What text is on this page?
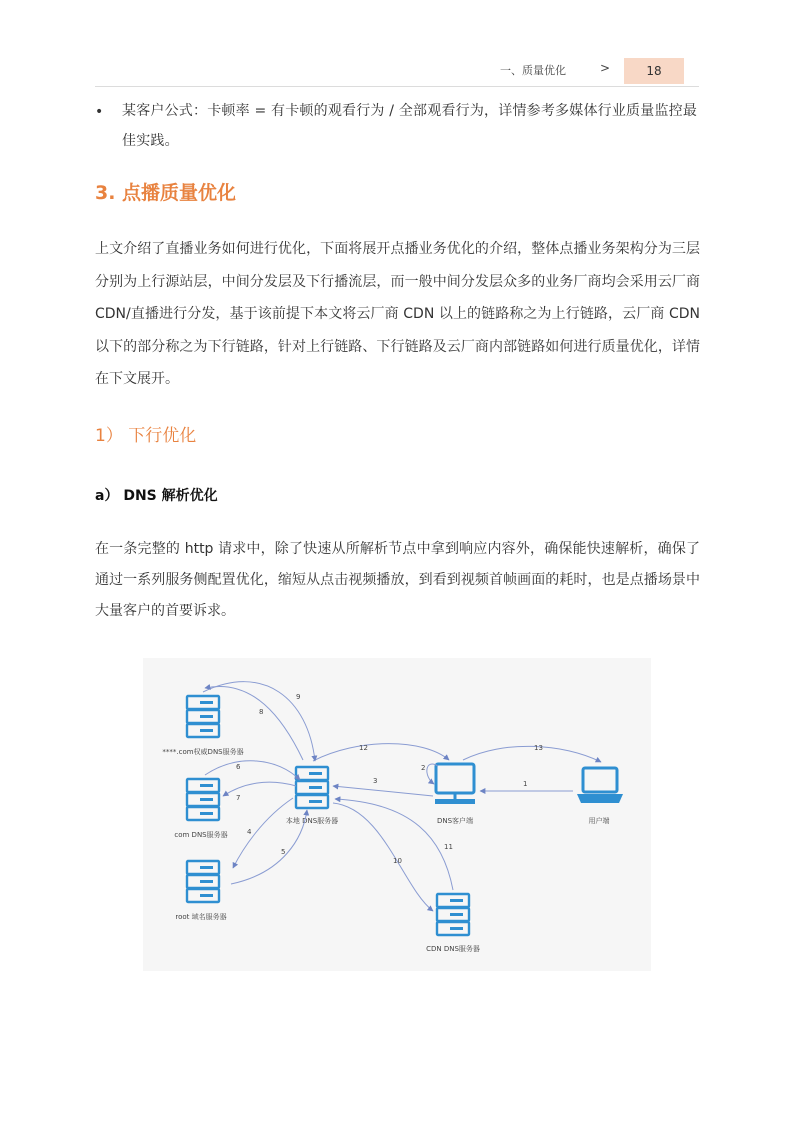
一、质量优化	>	18
• 某客户公式：卡顿率 = 有卡顿的观看行为 / 全部观看行为，详情参考多媒体行业质量监控最佳实践。
3. 点播质量优化
上文介绍了直播业务如何进行优化，下面将展开点播业务优化的介绍，整体点播业务架构分为三层分别为上行源站层，中间分发层及下行播流层，而一般中间分发层众多的业务厂商均会采用云厂商 CDN/直播进行分发，基于该前提下本文将云厂商 CDN 以上的链路称之为上行链路，云厂商 CDN 以下的部分称之为下行链路，针对上行链路、下行链路及云厂商内部链路如何进行质量优化，详情在下文展开。
1） 下行优化
a） DNS 解析优化
在一条完整的 http 请求中，除了快速从所解析节点中拿到响应内容外，确保能快速解析，确保了通过一系列服务侧配置优化，缩短从点击视频播放，到看到视频首帧画面的耗时，也是点播场景中大量客户的首要诉求。
****.com权威DNS服务器
com DNS服务器
root 域名服务器
本地 DNS服务器	DNS客户端	用户端
CDN DNS服务器
1
2
3
4
5
6
7
8
9
10
11
12	13
